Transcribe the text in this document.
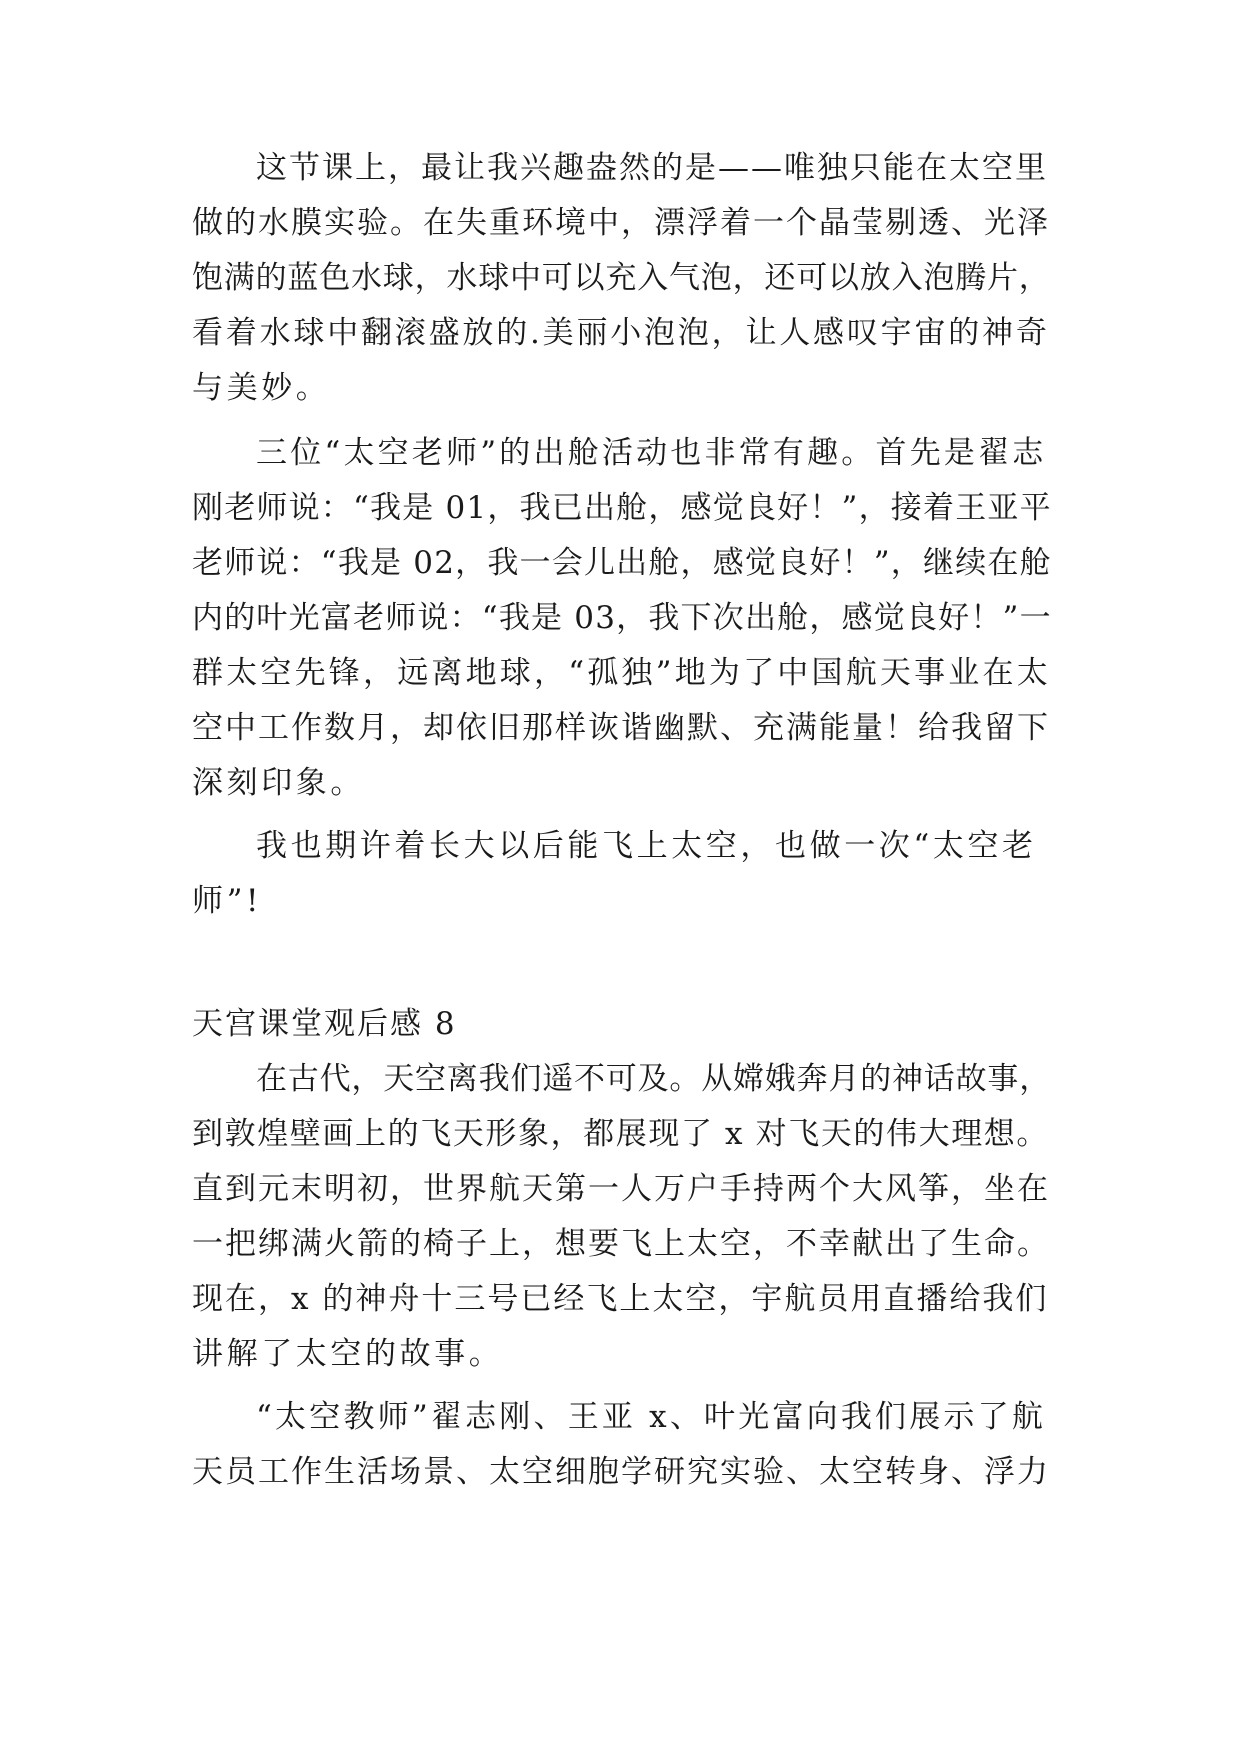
这节课上，最让我兴趣盎然的是——唯独只能在太空里
做的水膜实验。在失重环境中，漂浮着一个晶莹剔透、光泽
饱满的蓝色水球，水球中可以充入气泡，还可以放入泡腾片，
看着水球中翻滚盛放的.美丽小泡泡，让人感叹宇宙的神奇
与美妙。
三位“太空老师”的出舱活动也非常有趣。首先是翟志
刚老师说：“我是 01，我已出舱，感觉良好！”，接着王亚平
老师说：“我是 02，我一会儿出舱，感觉良好！”，继续在舱
内的叶光富老师说：“我是 03，我下次出舱，感觉良好！”一
群太空先锋，远离地球，“孤独”地为了中国航天事业在太
空中工作数月，却依旧那样诙谐幽默、充满能量！给我留下
深刻印象。
我也期许着长大以后能飞上太空，也做一次“太空老
师”!
天宫课堂观后感 8
在古代，天空离我们遥不可及。从嫦娥奔月的神话故事，
到敦煌壁画上的飞天形象，都展现了 x 对飞天的伟大理想。
直到元末明初，世界航天第一人万户手持两个大风筝，坐在
一把绑满火箭的椅子上，想要飞上太空，不幸献出了生命。
现在，x 的神舟十三号已经飞上太空，宇航员用直播给我们
讲解了太空的故事。
“太空教师”翟志刚、王亚 x、叶光富向我们展示了航
天员工作生活场景、太空细胞学研究实验、太空转身、浮力
